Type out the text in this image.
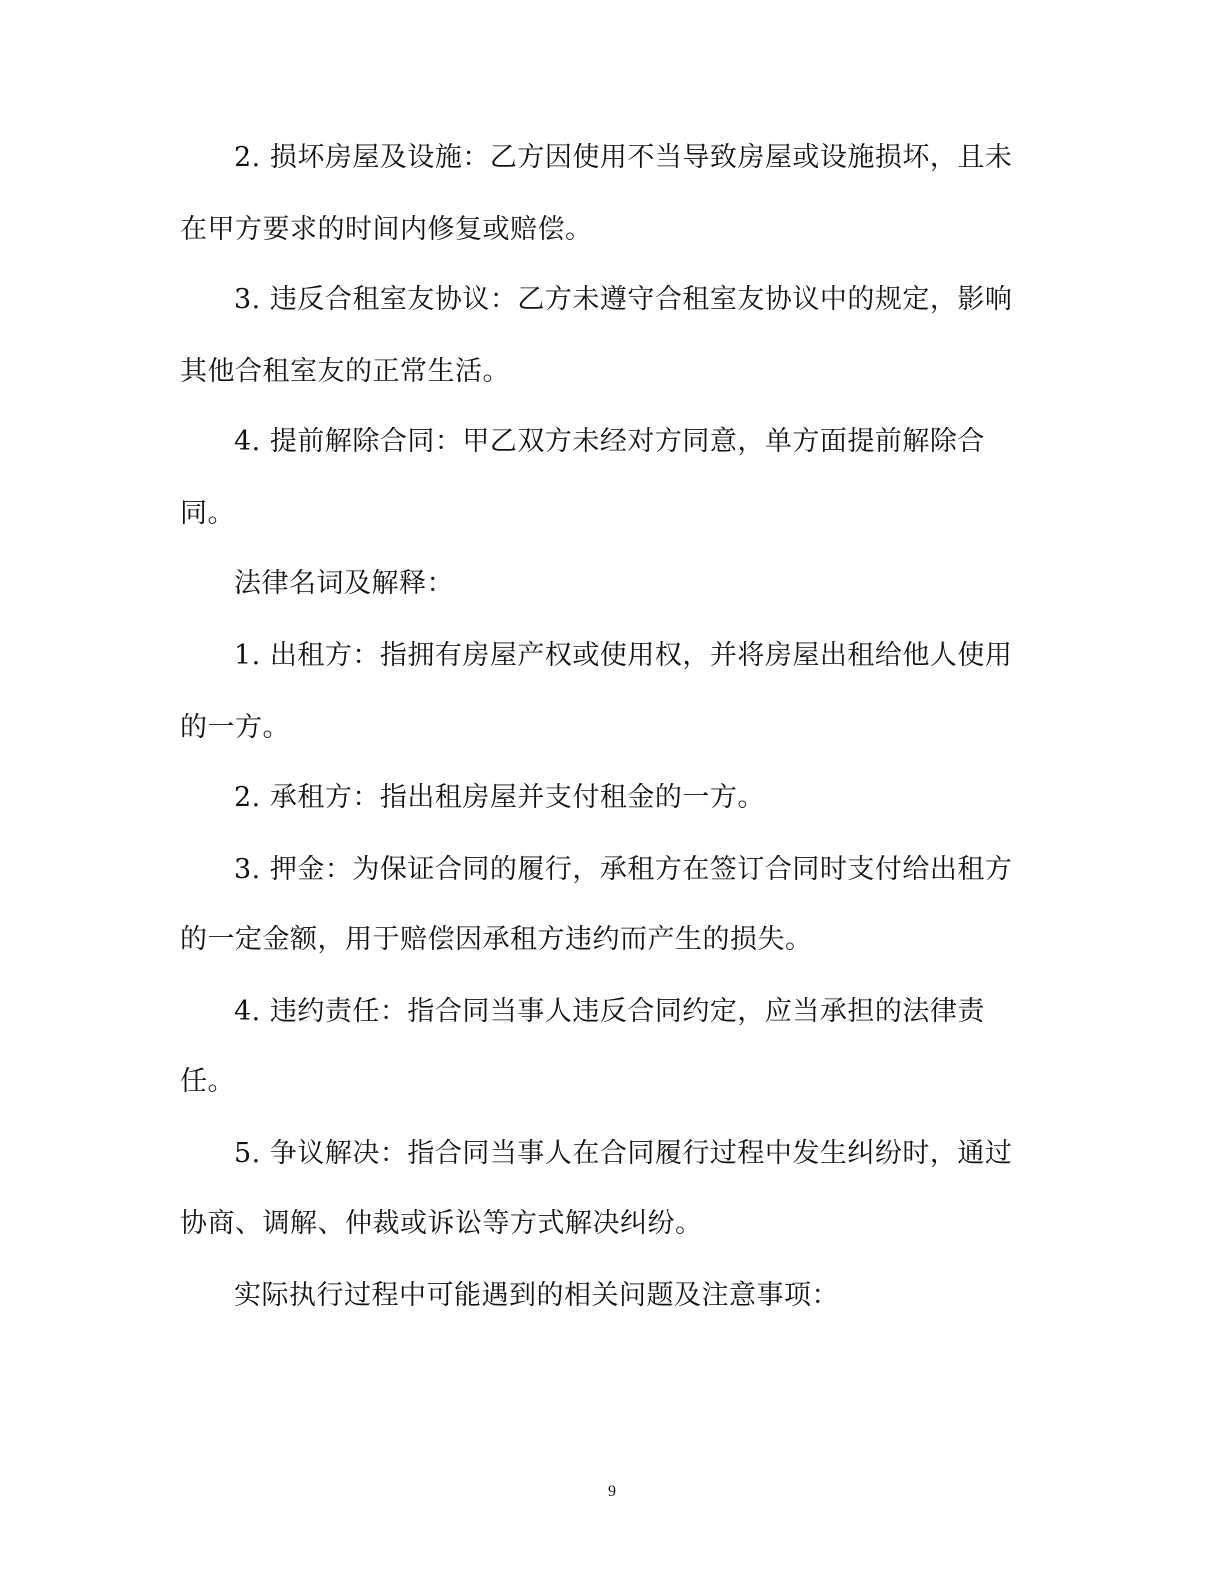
2. 损坏房屋及设施：乙方因使用不当导致房屋或设施损坏，且未
在甲方要求的时间内修复或赔偿。
3. 违反合租室友协议：乙方未遵守合租室友协议中的规定，影响
其他合租室友的正常生活。
4. 提前解除合同：甲乙双方未经对方同意，单方面提前解除合
同。
法律名词及解释：
1. 出租方：指拥有房屋产权或使用权，并将房屋出租给他人使用
的一方。
2. 承租方：指出租房屋并支付租金的一方。
3. 押金：为保证合同的履行，承租方在签订合同时支付给出租方
的一定金额，用于赔偿因承租方违约而产生的损失。
4. 违约责任：指合同当事人违反合同约定，应当承担的法律责
任。
5. 争议解决：指合同当事人在合同履行过程中发生纠纷时，通过
协商、调解、仲裁或诉讼等方式解决纠纷。
实际执行过程中可能遇到的相关问题及注意事项：
9
